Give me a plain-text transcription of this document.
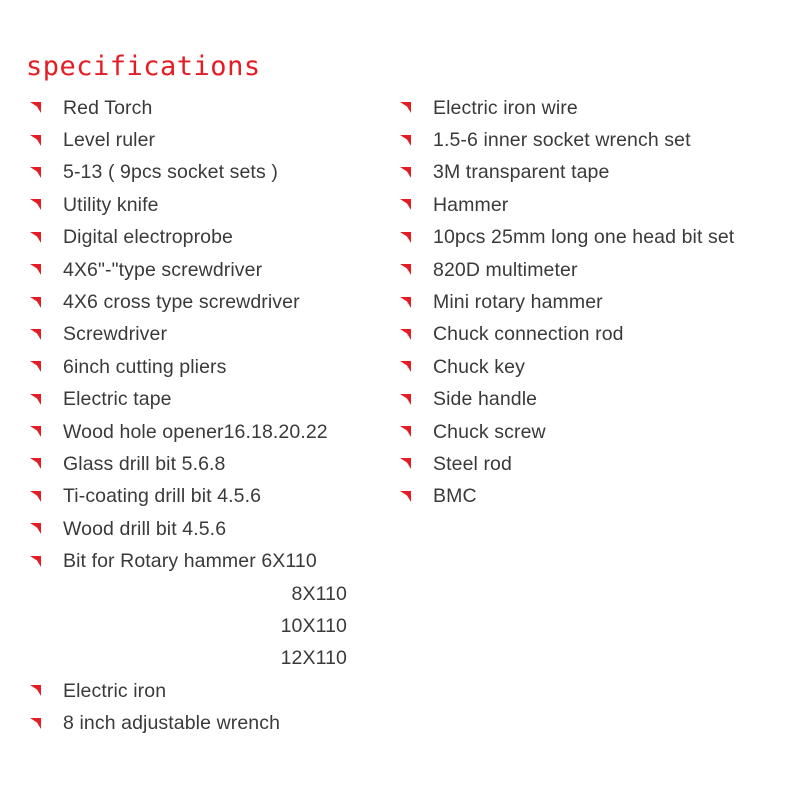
specifications
Red Torch
Level ruler
5-13 ( 9pcs socket sets )
Utility knife
Digital electroprobe
4X6"-"type screwdriver
4X6 cross type screwdriver
Screwdriver
6inch cutting pliers
Electric tape
Wood hole opener16.18.20.22
Glass drill bit 5.6.8
Ti-coating drill bit 4.5.6
Wood drill bit 4.5.6
Bit for Rotary hammer 6X110
8X110
10X110
12X110
Electric iron
8 inch adjustable wrench
Electric iron wire
1.5-6 inner socket wrench set
3M transparent tape
Hammer
10pcs 25mm long one head bit set
820D multimeter
Mini rotary hammer
Chuck connection rod
Chuck key
Side handle
Chuck screw
Steel rod
BMC
